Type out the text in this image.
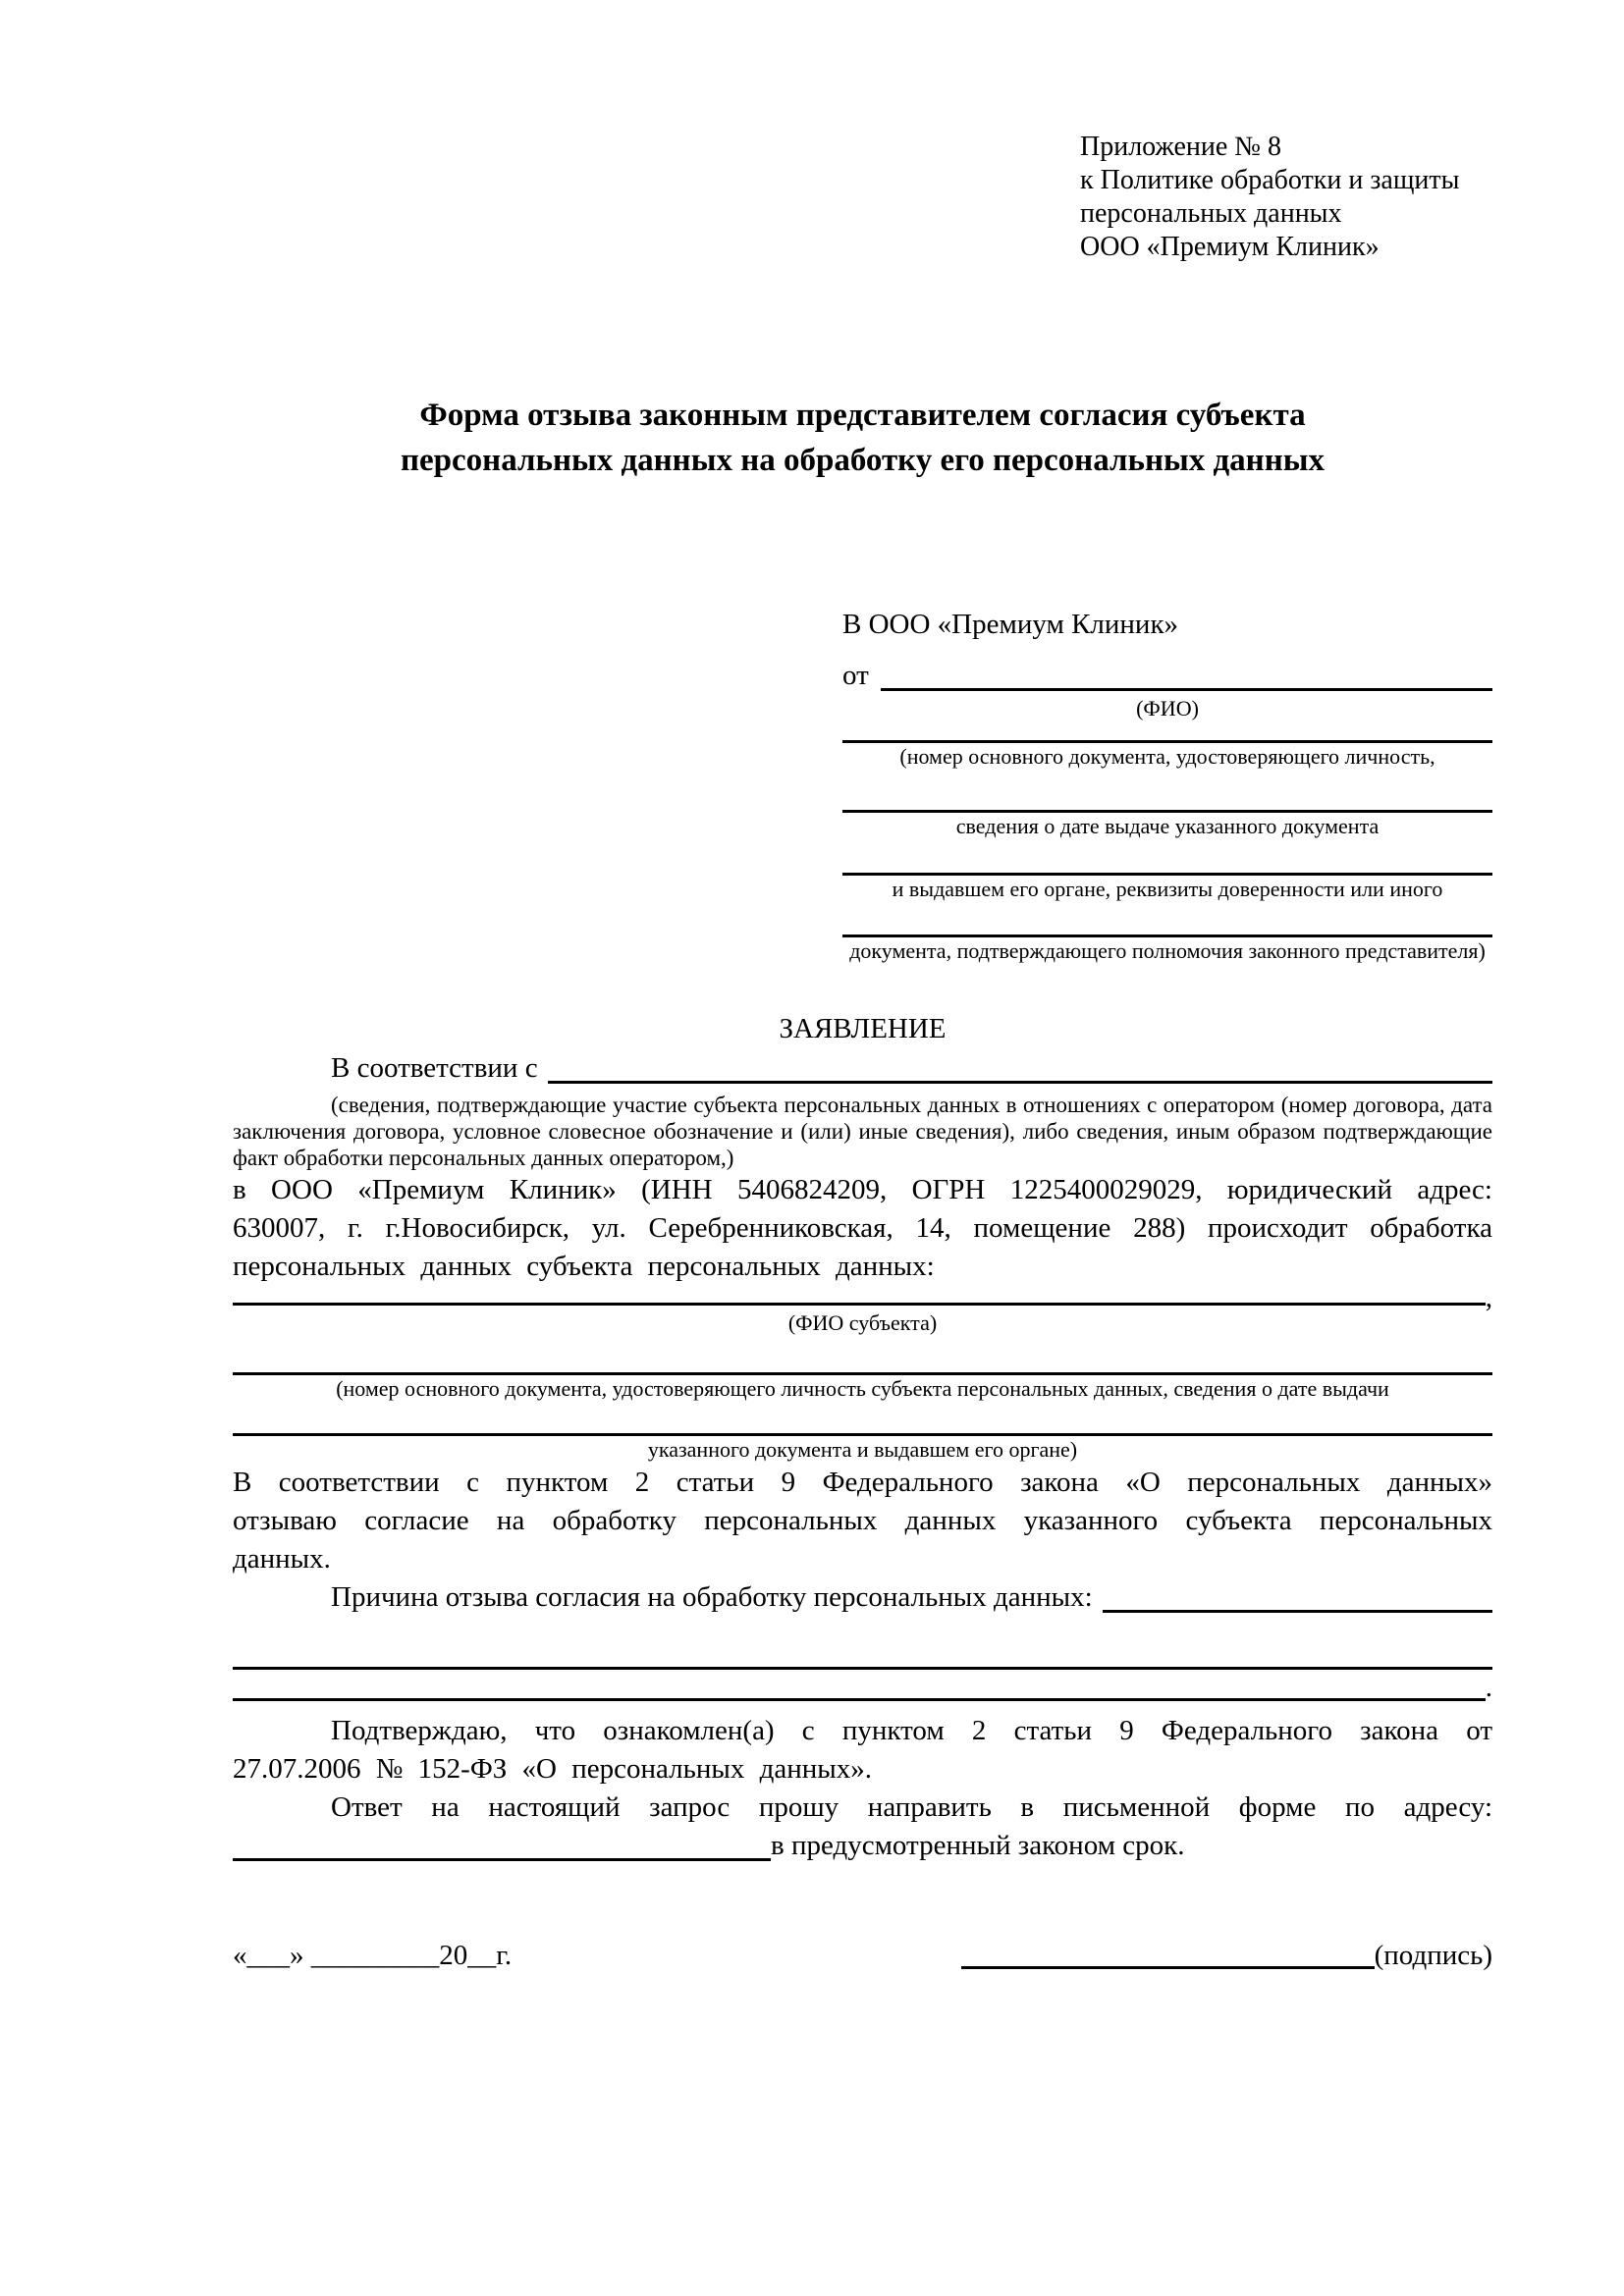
Приложение № 8
к Политике обработки и защиты
персональных данных
ООО «Премиум Клиник»
Форма отзыва законным представителем согласия субъекта
персональных данных на обработку его персональных данных
В ООО «Премиум Клиник»
от
(ФИО)
(номер основного документа, удостоверяющего личность,
сведения о дате выдаче указанного документа
и выдавшем его органе, реквизиты доверенности или иного
документа, подтверждающего полномочия законного представителя)
ЗАЯВЛЕНИЕ
В соответствии с

(сведения, подтверждающие участие субъекта персональных данных в отношениях с оператором (номер договора, дата заключения договора, условное словесное обозначение и (или) иные сведения), либо сведения, иным образом подтверждающие факт обработки персональных данных оператором,)

в ООО «Премиум Клиник» (ИНН 5406824209, ОГРН 1225400029029, юридический адрес: 630007, г. г.Новосибирск, ул. Серебренниковская, 14, помещение 288) происходит обработка персональных данных субъекта персональных данных:

,
(ФИО субъекта)
(номер основного документа, удостоверяющего личность субъекта персональных данных, сведения о дате выдачи
указанного документа и выдавшем его органе)

В соответствии с пунктом 2 статьи 9 Федерального закона «О персональных данных» отзываю согласие на обработку персональных данных указанного субъекта персональных данных.

Причина отзыва согласия на обработку персональных данных:
.

Подтверждаю, что ознакомлен(а) с пунктом 2 статьи 9 Федерального закона от 27.07.2006 № 152-ФЗ «О персональных данных».

Ответ на настоящий запрос прошу направить в письменной форме по адресу:

в предусмотренный законом срок.
«___» _________20__г.	(подпись)
